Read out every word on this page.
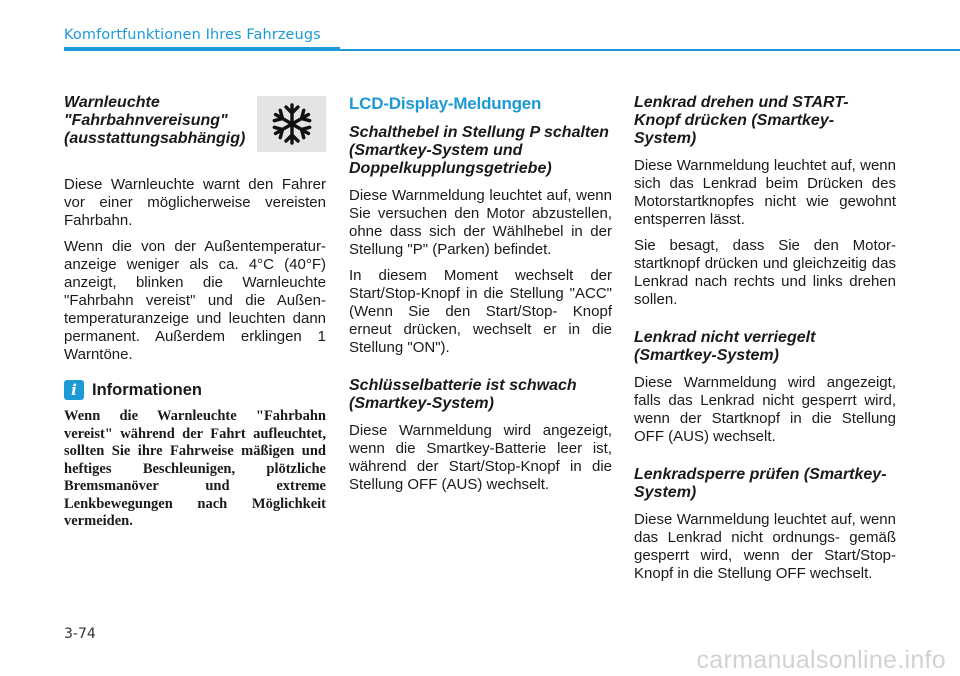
Komfortfunktionen Ihres Fahrzeugs
Warnleuchte "Fahrbahnvereisung" (ausstattungsabhängig)

Diese Warnleuchte warnt den Fahrer vor einer möglicherweise vereisten Fahrbahn.

Wenn die von der Außentemperatur- anzeige weniger als ca. 4°C (40°F) anzeigt, blinken die Warnleuchte "Fahrbahn vereist" und die Außen- temperaturanzeige und leuchten dann permanent. Außerdem erklingen 1 Warntöne.

i Informationen

Wenn die Warnleuchte "Fahrbahn vereist" während der Fahrt aufleuchtet, sollten Sie ihre Fahrweise mäßigen und heftiges Beschleunigen, plötzliche Bremsmanöver und extreme Lenkbewegungen nach Möglichkeit vermeiden.

LCD-Display-Meldungen
Schalthebel in Stellung P schalten (Smartkey-System und Doppelkupplungsgetriebe)

Diese Warnmeldung leuchtet auf, wenn Sie versuchen den Motor abzustellen, ohne dass sich der Wählhebel in der Stellung "P" (Parken) befindet.

In diesem Moment wechselt der Start/Stop-Knopf in die Stellung "ACC" (Wenn Sie den Start/Stop- Knopf erneut drücken, wechselt er in die Stellung "ON").

Schlüsselbatterie ist schwach (Smartkey-System)

Diese Warnmeldung wird angezeigt, wenn die Smartkey-Batterie leer ist, während der Start/Stop-Knopf in die Stellung OFF (AUS) wechselt.

Lenkrad drehen und START- Knopf drücken (Smartkey- System)

Diese Warnmeldung leuchtet auf, wenn sich das Lenkrad beim Drücken des Motorstartknopfes nicht wie gewohnt entsperren lässt.

Sie besagt, dass Sie den Motor- startknopf drücken und gleichzeitig das Lenkrad nach rechts und links drehen sollen.

Lenkrad nicht verriegelt (Smartkey-System)

Diese Warnmeldung wird angezeigt, falls das Lenkrad nicht gesperrt wird, wenn der Startknopf in die Stellung OFF (AUS) wechselt.

Lenkradsperre prüfen (Smartkey-System)

Diese Warnmeldung leuchtet auf, wenn das Lenkrad nicht ordnungs- gemäß gesperrt wird, wenn der Start/Stop-Knopf in die Stellung OFF wechselt.

3-74
carmanualsonline.info
